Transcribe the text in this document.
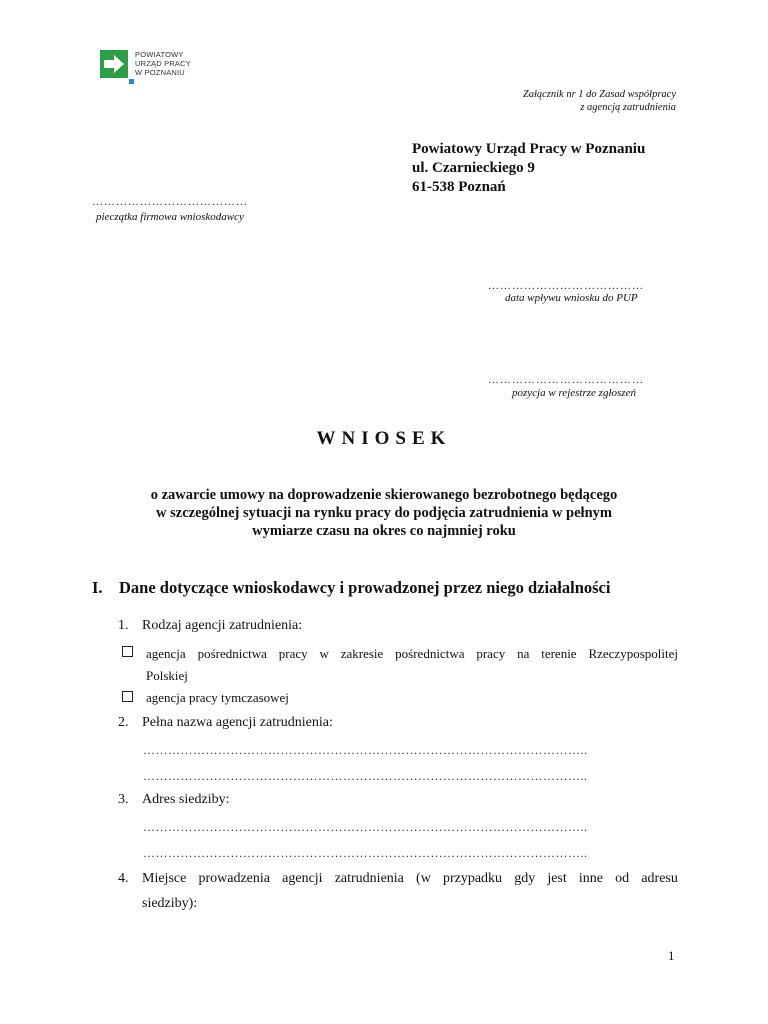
POWIATOWY
URZĄD PRACY
W POZNANIU
Załącznik nr 1 do Zasad współpracy
z agencją zatrudnienia
Powiatowy Urząd Pracy w Poznaniu
ul. Czarnieckiego 9
61-538 Poznań
…………………………………
pieczątka firmowa wnioskodawcy
…………………………………
data wpływu wniosku do PUP
…………………………………
pozycja w rejestrze zgłoszeń
WNIOSEK
o zawarcie umowy na doprowadzenie skierowanego bezrobotnego będącego
w szczególnej sytuacji na rynku pracy do podjęcia zatrudnienia w pełnym
wymiarze czasu na okres co najmniej roku
I. Dane dotyczące wnioskodawcy i prowadzonej przez niego działalności
1. Rodzaj agencji zatrudnienia:
agencja pośrednictwa pracy w zakresie pośrednictwa pracy na terenie Rzeczypospolitej
Polskiej
agencja pracy tymczasowej
2. Pełna nazwa agencji zatrudnienia:
……………………………………………………………………………………………..
……………………………………………………………………………………………..
3. Adres siedziby:
……………………………………………………………………………………………..
……………………………………………………………………………………………..
4. Miejsce prowadzenia agencji zatrudnienia (w przypadku gdy jest inne od adresu
siedziby):
1
